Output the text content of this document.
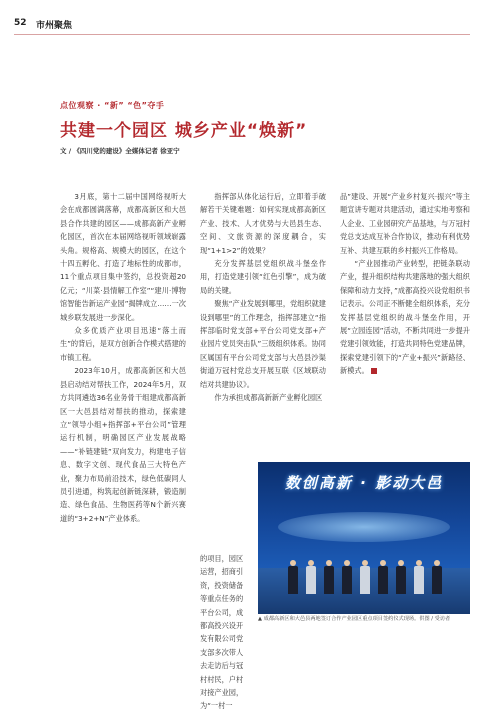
52 市州聚焦
点位观察 · “新” “色”夺手
共建一个园区 城乡产业“焕新”
文 / 《四川党的建设》全媒体记者 徐亚宁

3月底，第十二届中国网络视听大会在成都圆满落幕，成都高新区和大邑县合作共建的园区——成都高新产业孵化园区，首次在本届网络视听领域崭露头角。规格高、规模大的园区，在这个十四五孵化、打造了地标性的成都市，11个重点项目集中签约，总投资超20亿元；“川菜·县情解工作室”“建川·博物馆智能告新运产业园”揭牌成立……一次城乡联发展进一步深化。

众多优质产业项目迅速“落土而生”的背后，是双方创新合作模式搭建的市镇工程。

2023年10月，成都高新区和大邑县启动结对帮扶工作，2024年5月，双方共同遴选36名业务骨干组建成都高新区一大邑县结对帮扶的推动，探索建立“领导小组+指挥部+平台公司”管理运行机制，明确园区产业发展战略——“补链建链”双向发力，构建电子信息、数字文创、现代食品三大特色产业，聚力布局前沿技术，绿色低碳同人员引进通，构筑起创新链深耕，锻造制造、绿色食品、生物医药等N个新兴赛道的“3+2+N”产业体系。

指挥部从体化运行后，立即着手破解若干关键难题：如何实现成都高新区产业、技术、人才优势与大邑县生态、空间、文旅资源的深度耦合，实现“1+1>2”的效果？

充分发挥基层党组织战斗堡垒作用，打造党建引领“红色引擎”，成为破局的关键。

聚焦“产业发展到哪里，党组织就建设到哪里”的工作理念，指挥部建立“指挥部临时党支部+平台公司党支部+产业园片党员突击队”三级组织体系。协同区属国有平台公司党支部与大邑县沙渠街道万冠村党总支开展互联《区域联动结对共建协议》。

作为承担成都高新新产业孵化园区

的项目，园区运营，招商引资，投资储备等重点任务的平台公司，成都高投兴设开发有限公司党支部多次带人去走访后与冠村村民，户村对接产业园，为“一村一

品”建设、开展“产业乡村复兴·振兴”等主题宣讲专题对共建活动，通过实地考察和人企业、工业园研究产品基地，与万冠村党总支达成互补合作协议，推动有利优势互补、共建互联的乡村振兴工作格局。

“产业园推动产业转型，把链条联动产业，提升组织结构共建落地的强大组织保障和动力支持，”成都高投兴设党组织书记表示。公司正不断健全组织体系，充分发挥基层党组织的战斗堡垒作用，开展“立园连园”活动，不断共同进一步提升党建引领效能，打造共同特色党建品牌，探索党建引领下的“产业+振兴”新路径、新模式。

数创高新 · 影动大邑
▲ 成都高新区和大邑县两地签订合作产业园区重点项目签约仪式现场。供图 / 受访者
